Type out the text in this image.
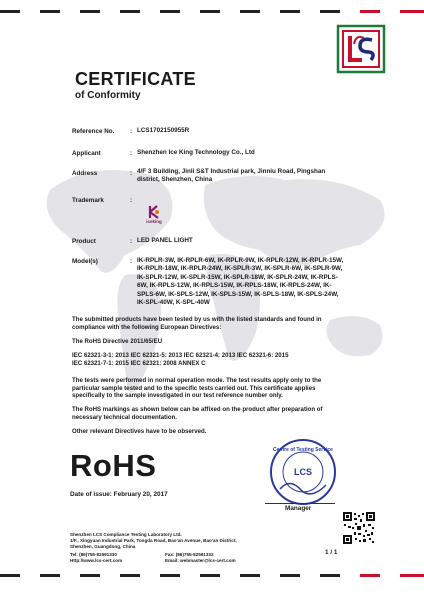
CERTIFICATE
of Conformity
Reference No. : LCS1702150955R
Applicant	: Shenzhen Ice King Technology Co., Ltd
Address	: 4/F 3 Building, Jinli S&T Industrial park, Jinniu Road, Pingshan district, Shenzhen, China
Trademark	:
iceking
Product	: LED PANEL LIGHT
Model(s)	: IK-RPLR-3W, IK-RPLR-6W, IK-RPLR-9W, IK-RPLR-12W, IK-RPLR-15W, IK-RPLR-18W, IK-RPLR-24W, IK-SPLR-3W, IK-SPLR-6W, IK-SPLR-9W, IK-SPLR-12W, IK-SPLR-15W, IK-SPLR-18W, IK-SPLR-24W, IK-RPLS-6W, IK-RPLS-12W, IK-RPLS-15W, IK-RPLS-18W, IK-RPLS-24W, IK-SPLS-6W, IK-SPLS-12W, IK-SPLS-15W, IK-SPLS-18W, IK-SPLS-24W, IK-SPL-40W, K-SPL-40W
The submitted products have been tested by us with the listed standards and found in compliance with the following European Directives:
The RoHS Directive 2011/65/EU
IEC 62321-3-1: 2013 IEC 62321-5: 2013 IEC 62321-4: 2013 IEC 62321-6: 2015
IEC 62321-7-1: 2015 IEC 62321: 2008 ANNEX C
The tests were performed in normal operation mode. The test results apply only to the particular sample tested and to the specific tests carried out. This certificate applies specifically to the sample investigated in our test reference number only.
The RoHS markings as shown below can be affixed on the product after preparation of necessary technical documentation.
Other relevant Directives have to be observed.
RoHS
Date of issue: February 20, 2017
Centre of Testing Service
LCS
Manager
Shenzhen LCS Compliance Testing Laboratory Ltd.
1/F., Xingyuan Industrial Park, Tongda Road, Bao'an Avenue, Bao'an District,
Shenzhen, Guangdong, China
Tel: (86)755-82591330	Fax: (86)755-82591332
Http://www.lcs-cert.com	Email: webmaster@lcs-cert.com
1 / 1
